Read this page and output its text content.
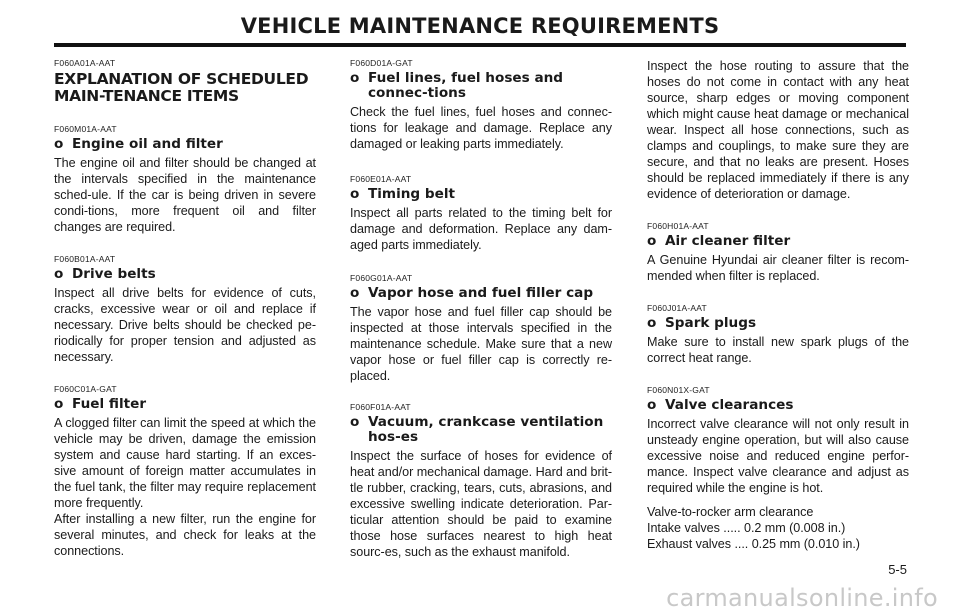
VEHICLE MAINTENANCE REQUIREMENTS
F060A01A-AAT
EXPLANATION OF SCHEDULED MAIN-TENANCE ITEMS
F060M01A-AAT
o Engine oil and filter

The engine oil and filter should be changed at the intervals specified in the maintenance sched-ule. If the car is being driven in severe condi-tions, more frequent oil and filter changes are required.

F060B01A-AAT
o Drive belts

Inspect all drive belts for evidence of cuts, cracks, excessive wear or oil and replace if necessary. Drive belts should be checked pe-riodically for proper tension and adjusted as necessary.

F060C01A-GAT
o Fuel filter

A clogged filter can limit the speed at which the vehicle may be driven, damage the emission system and cause hard starting. If an exces-sive amount of foreign matter accumulates in the fuel tank, the filter may require replacement more frequently.

After installing a new filter, run the engine for several minutes, and check for leaks at the connections.

F060D01A-GAT
o Fuel lines, fuel hoses and connec-tions

Check the fuel lines, fuel hoses and connec-tions for leakage and damage. Replace any damaged or leaking parts immediately.

F060E01A-AAT
o Timing belt

Inspect all parts related to the timing belt for damage and deformation. Replace any dam-aged parts immediately.

F060G01A-AAT
o Vapor hose and fuel filler cap

The vapor hose and fuel filler cap should be inspected at those intervals specified in the maintenance schedule. Make sure that a new vapor hose or fuel filler cap is correctly re-placed.

F060F01A-AAT
o Vacuum, crankcase ventilation hos-es

Inspect the surface of hoses for evidence of heat and/or mechanical damage. Hard and brit-tle rubber, cracking, tears, cuts, abrasions, and excessive swelling indicate deterioration. Par-ticular attention should be paid to examine those hose surfaces nearest to high heat sourc-es, such as the exhaust manifold.

Inspect the hose routing to assure that the hoses do not come in contact with any heat source, sharp edges or moving component which might cause heat damage or mechanical wear. Inspect all hose connections, such as clamps and couplings, to make sure they are secure, and that no leaks are present. Hoses should be replaced immediately if there is any evidence of deterioration or damage.

F060H01A-AAT
o Air cleaner filter

A Genuine Hyundai air cleaner filter is recom-mended when filter is replaced.

F060J01A-AAT
o Spark plugs

Make sure to install new spark plugs of the correct heat range.

F060N01X-GAT
o Valve clearances

Incorrect valve clearance will not only result in unsteady engine operation, but will also cause excessive noise and reduced engine perfor-mance. Inspect valve clearance and adjust as required while the engine is hot.

Valve-to-rocker arm clearance

Intake valves ..... 0.2 mm (0.008 in.)

Exhaust valves .... 0.25 mm (0.010 in.)

5-5
carmanualsonline.info
